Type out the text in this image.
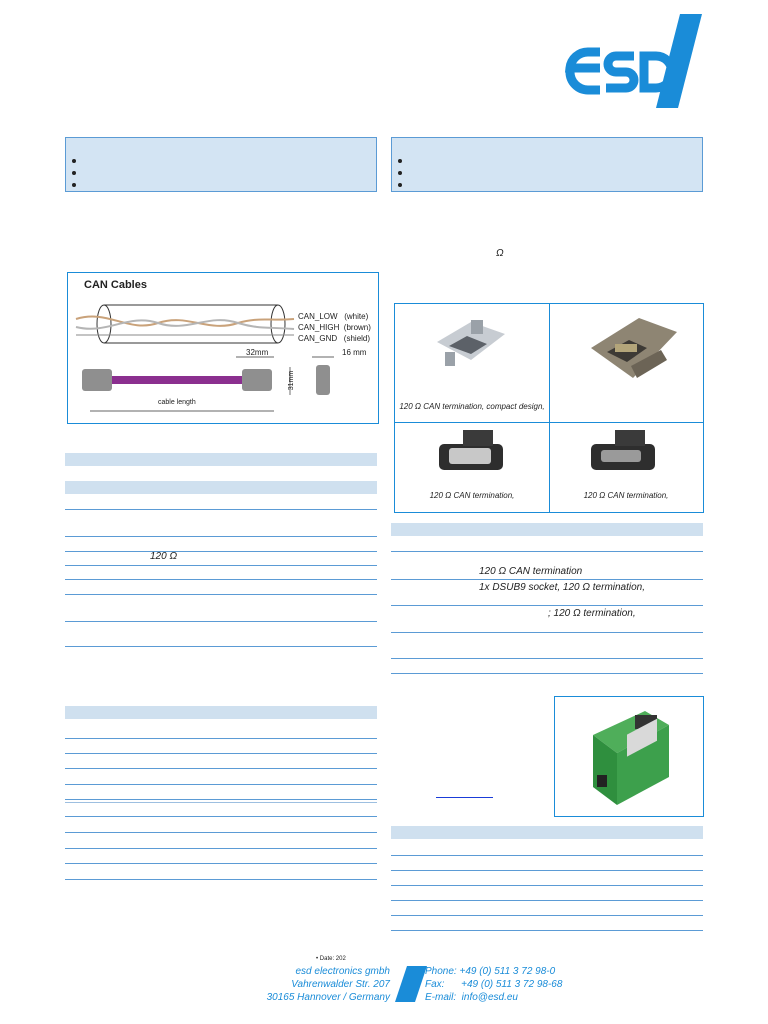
Ω
CAN Cables
CAN_LOW (white)
CAN_HIGH (brown)
CAN_GND (shield)
32mm	16 mm
31mm
cable length	120 Ω CAN termination, compact design,
120 Ω CAN termination,	120 Ω CAN termination,
120 Ω
120 Ω CAN termination
1x DSUB9 socket, 120 Ω termination,
; 120 Ω termination,
• Date: 202
esd electronics gmbh
Vahrenwalder Str. 207
30165 Hannover / Germany
Phone: +49 (0) 511 3 72 98-0
Fax:      +49 (0) 511 3 72 98-68
E-mail:  info@esd.eu
